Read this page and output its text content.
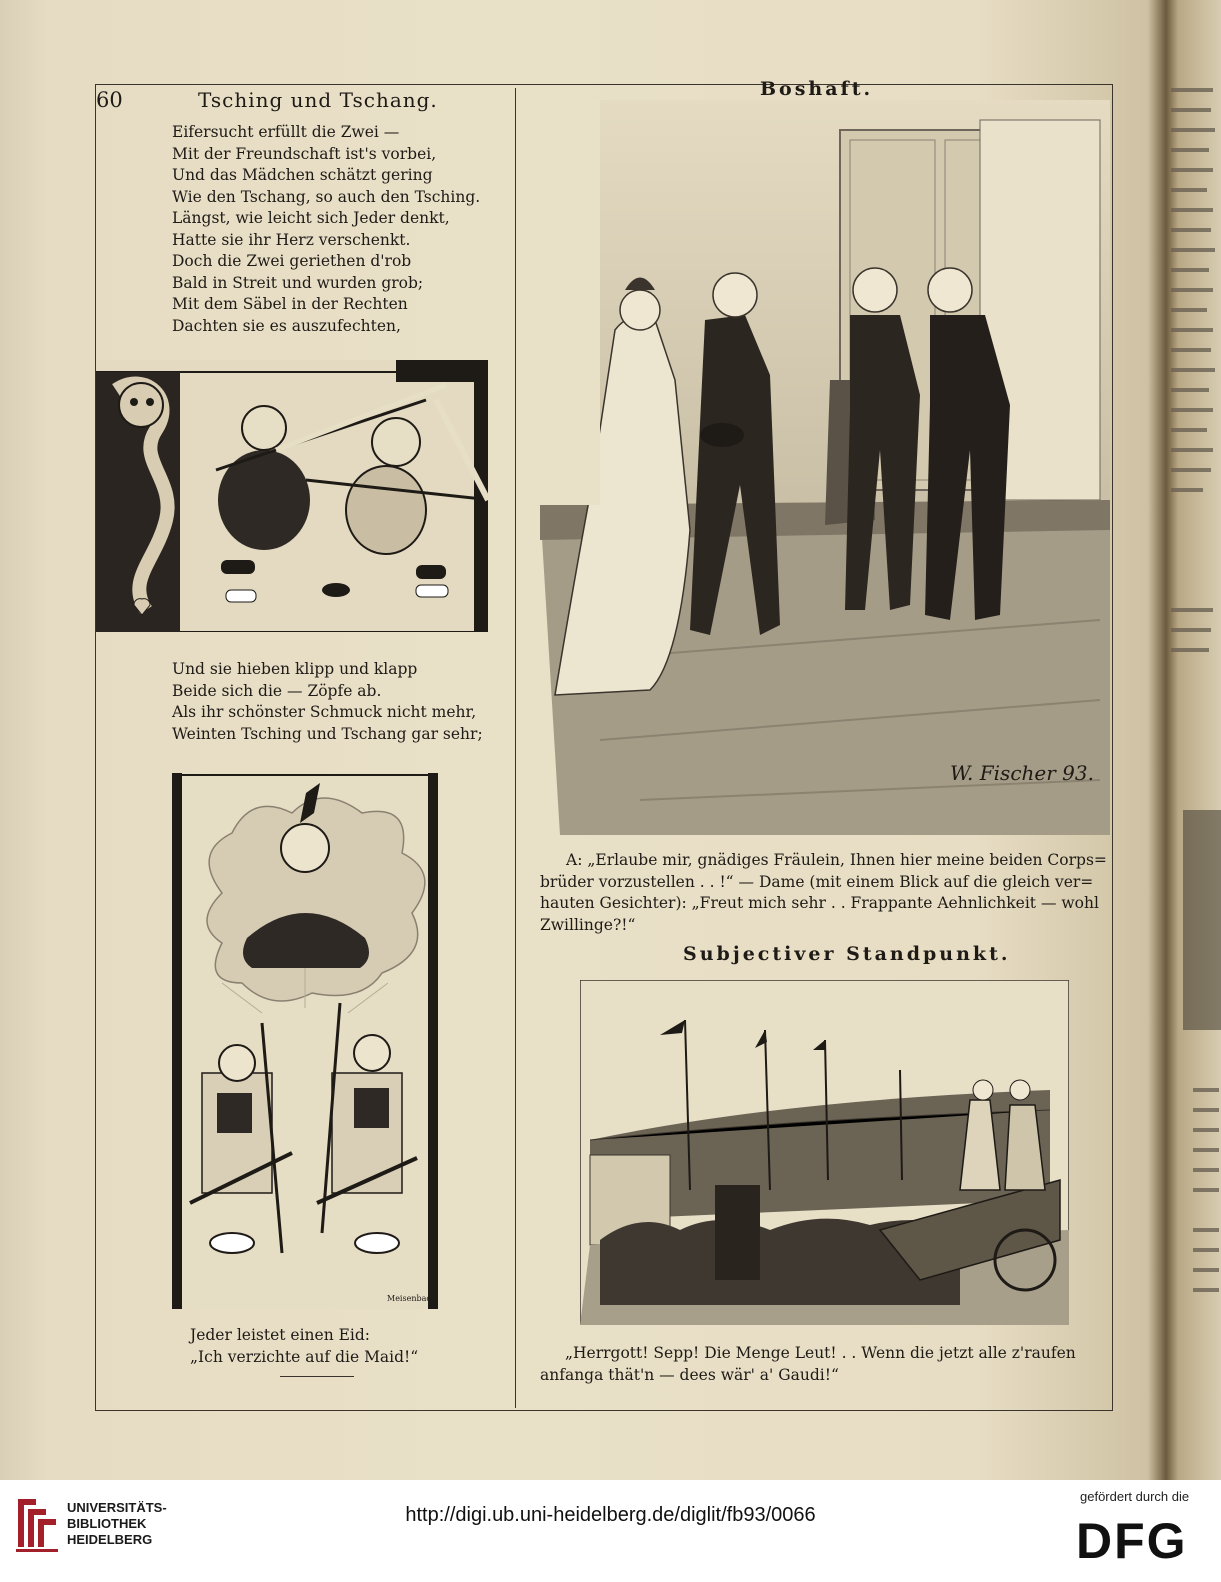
60	Tsching und Tschang.
Eifersucht erfüllt die Zwei —
Mit der Freundschaft ist's vorbei,
Und das Mädchen schätzt gering
Wie den Tschang, so auch den Tsching.
Längst, wie leicht sich Jeder denkt,
Hatte sie ihr Herz verschenkt.
Doch die Zwei geriethen d'rob
Bald in Streit und wurden grob;
Mit dem Säbel in der Rechten
Dachten sie es auszufechten,
Und sie hieben klipp und klapp
Beide sich die — Zöpfe ab.
Als ihr schönster Schmuck nicht mehr,
Weinten Tsching und Tschang gar sehr;
Meisenbach
Jeder leistet einen Eid:
„Ich verzichte auf die Maid!“
Boshaft.
W. Fischer 93.
A: „Erlaube mir, gnädiges Fräulein, Ihnen hier meine beiden Corps=
brüder vorzustellen . . !“ — Dame (mit einem Blick auf die gleich ver=
hauten Gesichter): „Freut mich sehr . . Frappante Aehnlichkeit — wohl
Zwillinge?!“
Subjectiver Standpunkt.
„Herrgott! Sepp! Die Menge Leut! . . Wenn die jetzt alle z'raufen
anfanga thät'n — dees wär' a' Gaudi!“
UNIVERSITÄTS-
BIBLIOTHEK
HEIDELBERG
http://digi.ub.uni-heidelberg.de/diglit/fb93/0066
gefördert durch die
DFG
